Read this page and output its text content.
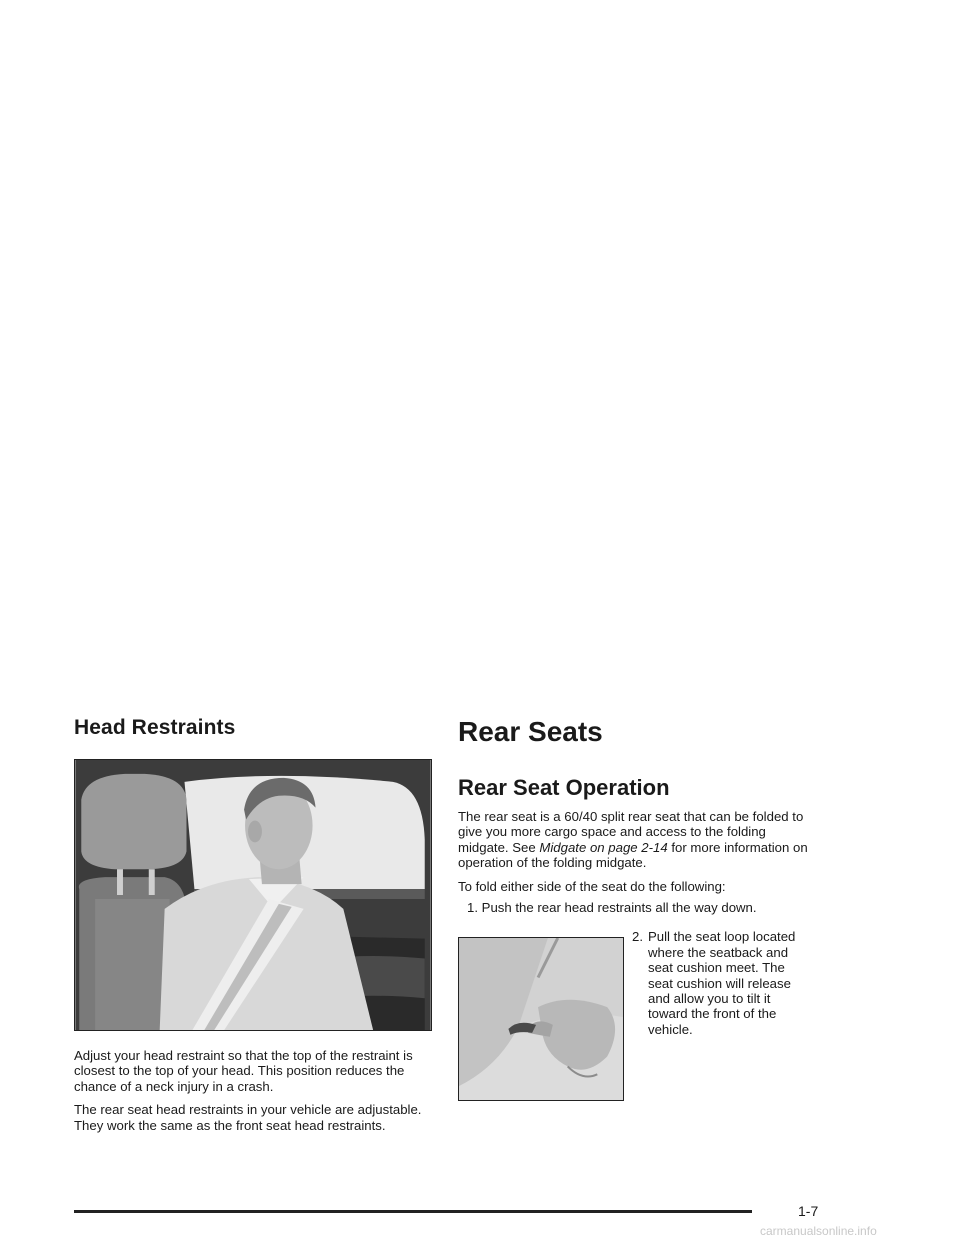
Head Restraints

Adjust your head restraint so that the top of the restraint is closest to the top of your head. This position reduces the chance of a neck injury in a crash.

The rear seat head restraints in your vehicle are adjustable. They work the same as the front seat head restraints.

Rear Seats
Rear Seat Operation

The rear seat is a 60/40 split rear seat that can be folded to give you more cargo space and access to the folding midgate. See Midgate on page 2-14 for more information on operation of the folding midgate.

To fold either side of the seat do the following:

1. Push the rear head restraints all the way down.

2. Pull the seat loop located where the seatback and seat cushion meet. The seat cushion will release and allow you to tilt it toward the front of the vehicle.

1-7
carmanualsonline.info
